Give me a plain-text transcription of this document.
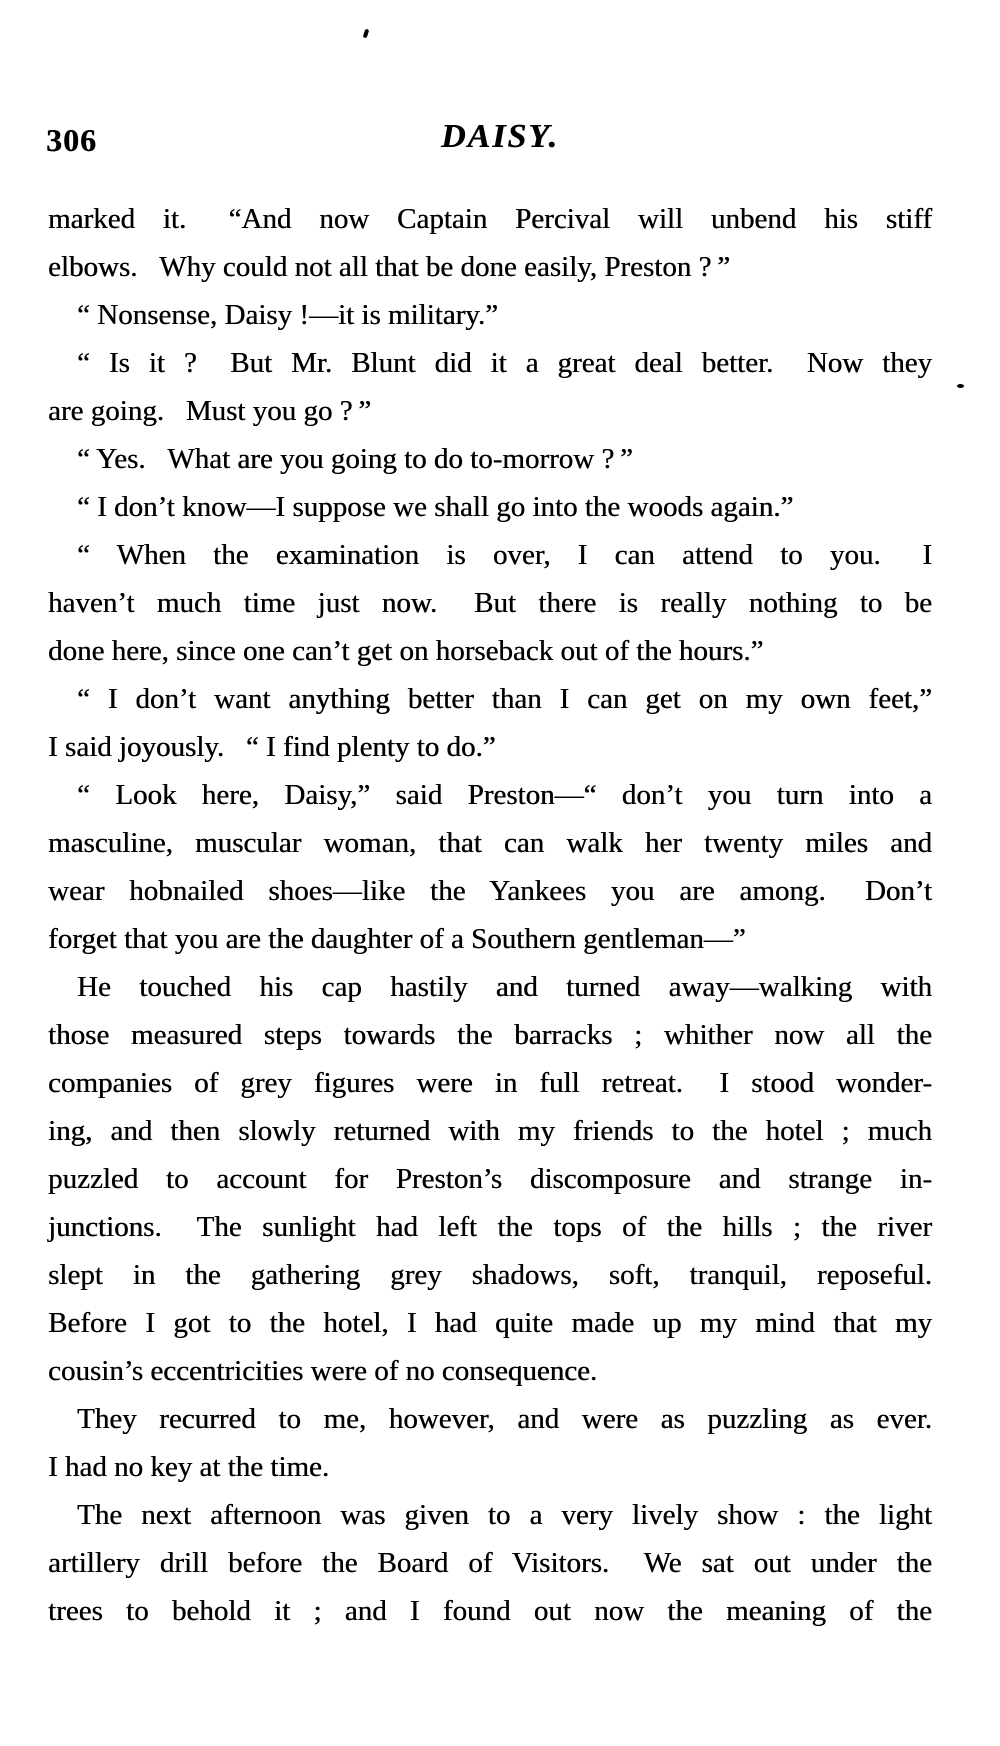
306	DAISY.
marked it.  “And now Captain Percival will unbend his stiff
elbows.  Why could not all that be done easily, Preston ? ”
“ Nonsense, Daisy !—it is military.”
“ Is it ?  But Mr. Blunt did it a great deal better.  Now they
are going.  Must you go ? ”
“ Yes.  What are you going to do to-morrow ? ”
“ I don’t know—I suppose we shall go into the woods again.”
“ When the examination is over, I can attend to you.  I
haven’t much time just now.  But there is really nothing to be
done here, since one can’t get on horseback out of the hours.”
“ I don’t want anything better than I can get on my own feet,”
I said joyously.  “ I find plenty to do.”
“ Look here, Daisy,” said Preston—“ don’t you turn into a
masculine, muscular woman, that can walk her twenty miles and
wear hobnailed shoes—like the Yankees you are among.  Don’t
forget that you are the daughter of a Southern gentleman—”
He touched his cap hastily and turned away—walking with
those measured steps towards the barracks ; whither now all the
companies of grey figures were in full retreat.  I stood wonder-
ing, and then slowly returned with my friends to the hotel ; much
puzzled to account for Preston’s discomposure and strange in-
junctions.  The sunlight had left the tops of the hills ; the river
slept in the gathering grey shadows, soft, tranquil, reposeful.
Before I got to the hotel, I had quite made up my mind that my
cousin’s eccentricities were of no consequence.
They recurred to me, however, and were as puzzling as ever.
I had no key at the time.
The next afternoon was given to a very lively show : the light
artillery drill before the Board of Visitors.  We sat out under the
trees to behold it ; and I found out now the meaning of the
